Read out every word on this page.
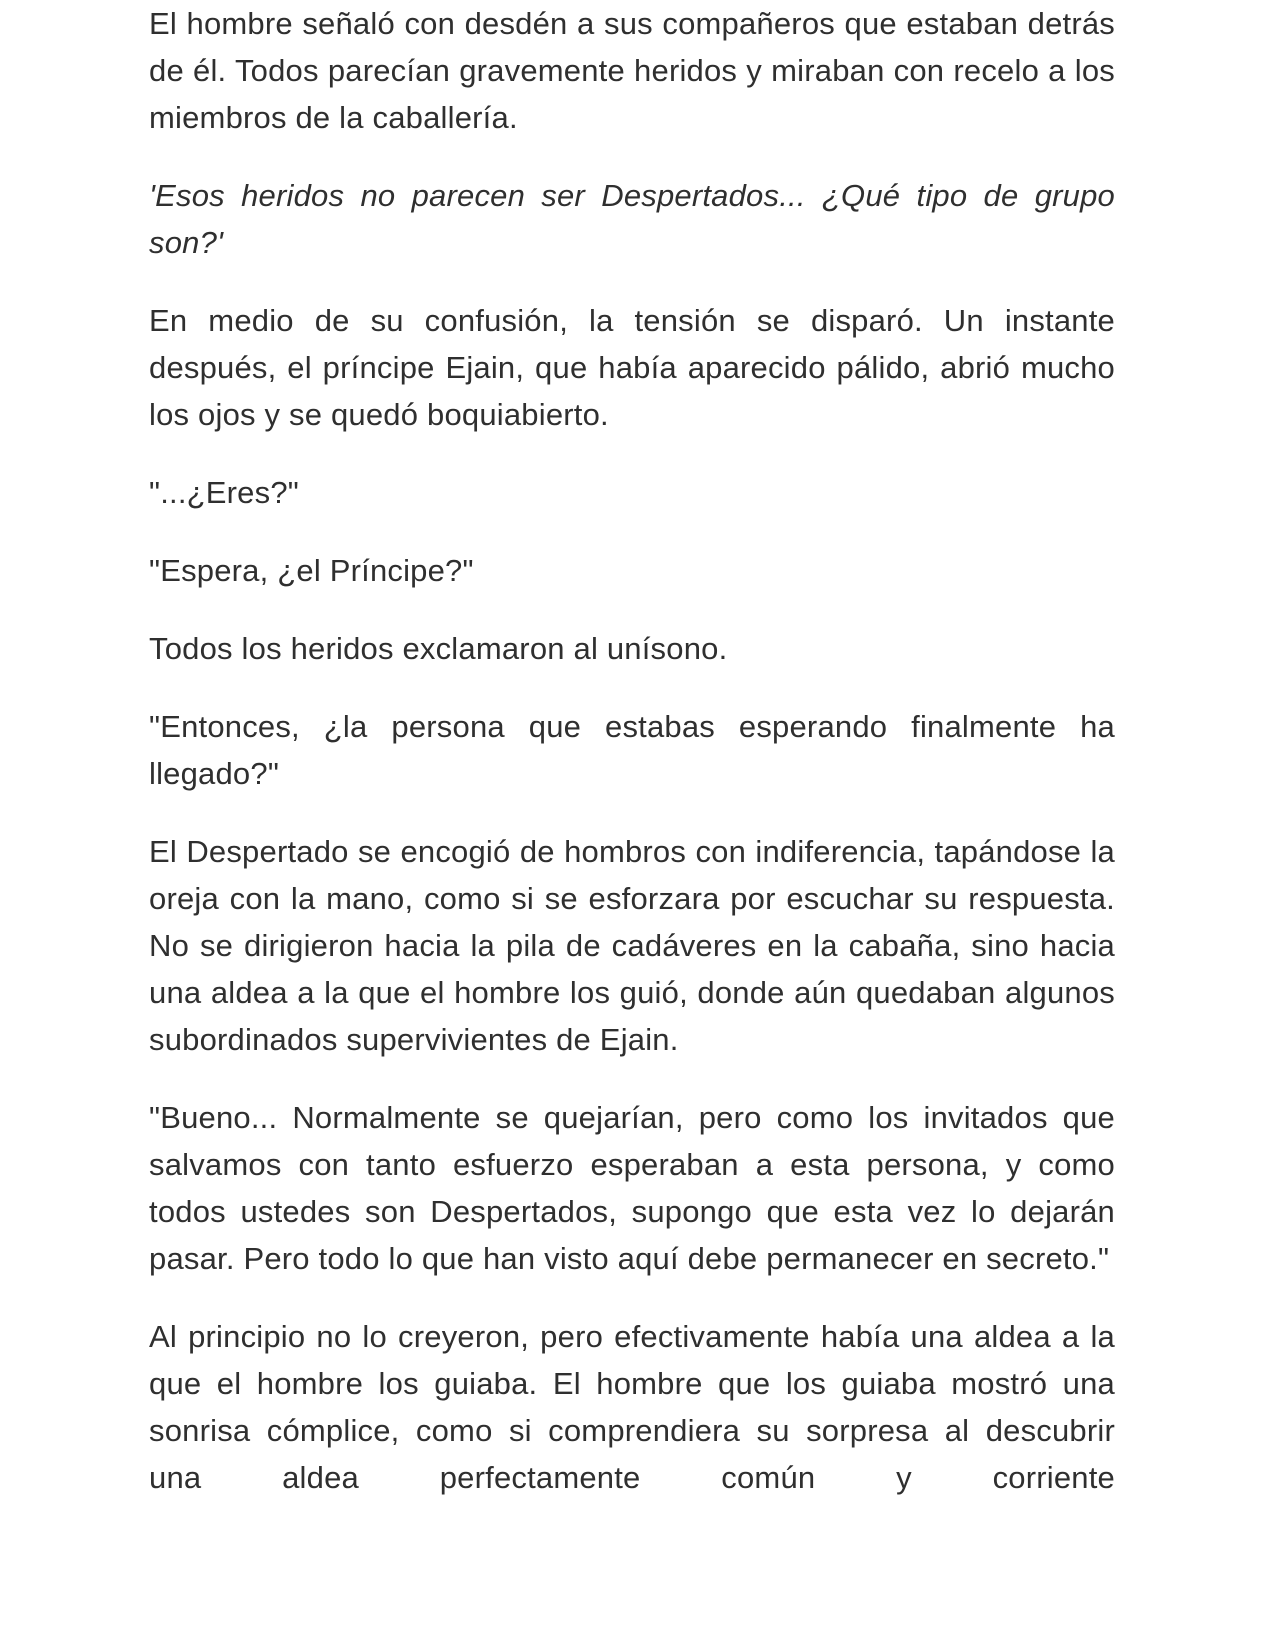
El hombre señaló con desdén a sus compañeros que estaban detrás de él. Todos parecían gravemente heridos y miraban con recelo a los miembros de la caballería.

'Esos heridos no parecen ser Despertados... ¿Qué tipo de grupo son?'

En medio de su confusión, la tensión se disparó. Un instante después, el príncipe Ejain, que había aparecido pálido, abrió mucho los ojos y se quedó boquiabierto.

"...¿Eres?"

"Espera, ¿el Príncipe?"

Todos los heridos exclamaron al unísono.

"Entonces, ¿la persona que estabas esperando finalmente ha llegado?"

El Despertado se encogió de hombros con indiferencia, tapándose la oreja con la mano, como si se esforzara por escuchar su respuesta. No se dirigieron hacia la pila de cadáveres en la cabaña, sino hacia una aldea a la que el hombre los guió, donde aún quedaban algunos subordinados supervivientes de Ejain.

"Bueno... Normalmente se quejarían, pero como los invitados que salvamos con tanto esfuerzo esperaban a esta persona, y como todos ustedes son Despertados, supongo que esta vez lo dejarán pasar. Pero todo lo que han visto aquí debe permanecer en secreto."

Al principio no lo creyeron, pero efectivamente había una aldea a la que el hombre los guiaba. El hombre que los guiaba mostró una sonrisa cómplice, como si comprendiera su sorpresa al descubrir una aldea perfectamente común y corriente
